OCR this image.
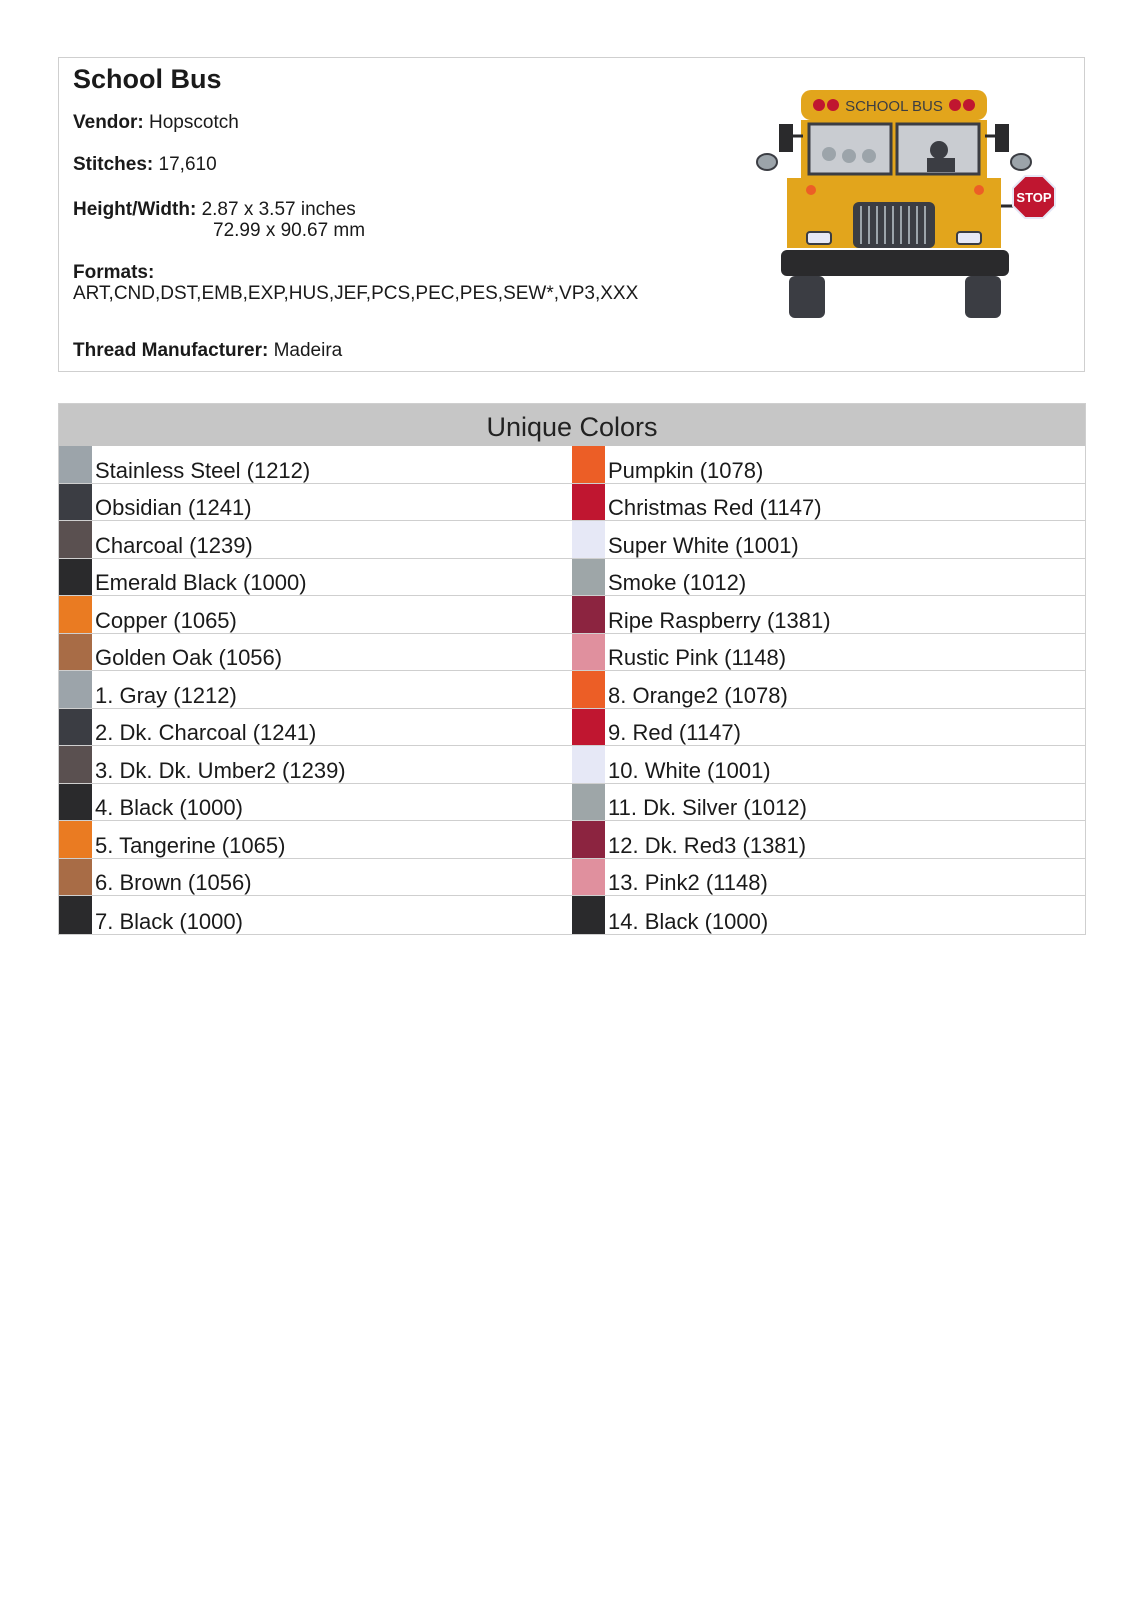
School Bus
Vendor: Hopscotch
Stitches: 17,610
Height/Width: 2.87 x 3.57 inches
72.99 x 90.67 mm
Formats:
ART,CND,DST,EMB,EXP,HUS,JEF,PCS,PEC,PES,SEW*,VP3,XXX
Thread Manufacturer: Madeira
SCHOOL BUS
STOP
Unique Colors
Stainless Steel (1212)
Obsidian (1241)
Charcoal (1239)
Emerald Black (1000)
Copper (1065)
Golden Oak (1056)
1. Gray (1212)
2. Dk. Charcoal (1241)
3. Dk. Dk. Umber2 (1239)
4. Black (1000)
5. Tangerine (1065)
6. Brown (1056)
7. Black (1000)
Pumpkin (1078)
Christmas Red (1147)
Super White (1001)
Smoke (1012)
Ripe Raspberry (1381)
Rustic Pink (1148)
8. Orange2 (1078)
9. Red (1147)
10. White (1001)
11. Dk. Silver (1012)
12. Dk. Red3 (1381)
13. Pink2 (1148)
14. Black (1000)
